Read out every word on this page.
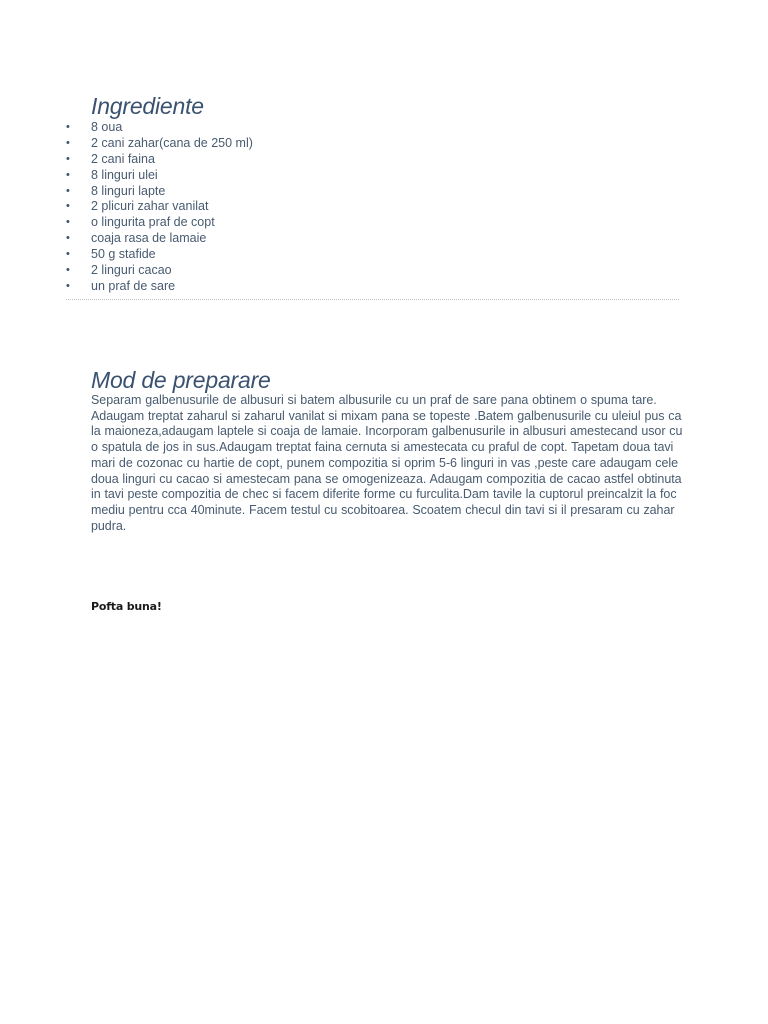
Ingrediente
• 8 oua
• 2 cani zahar(cana de 250 ml)
• 2 cani faina
• 8 linguri ulei
• 8 linguri lapte
• 2 plicuri zahar vanilat
• o lingurita praf de copt
• coaja rasa de lamaie
• 50 g stafide
• 2 linguri cacao
• un praf de sare
Mod de preparare

Separam galbenusurile de albusuri si batem albusurile cu un praf de sare pana obtinem o spuma tare. Adaugam treptat zaharul si zaharul vanilat si mixam pana se topeste .Batem galbenusurile cu uleiul pus ca la maioneza,adaugam laptele si coaja de lamaie. Incorporam galbenusurile in albusuri amestecand usor cu o spatula de jos in sus.Adaugam treptat faina cernuta si amestecata cu praful de copt. Tapetam doua tavi mari de cozonac cu hartie de copt, punem compozitia si oprim 5-6 linguri in vas ,peste care adaugam cele doua linguri cu cacao si amestecam pana se omogenizeaza. Adaugam compozitia de cacao astfel obtinuta in tavi peste compozitia de chec si facem diferite forme cu furculita.Dam tavile la cuptorul preincalzit la foc mediu pentru cca 40minute. Facem testul cu scobitoarea. Scoatem checul din tavi si il presaram cu zahar pudra.

Pofta buna!
